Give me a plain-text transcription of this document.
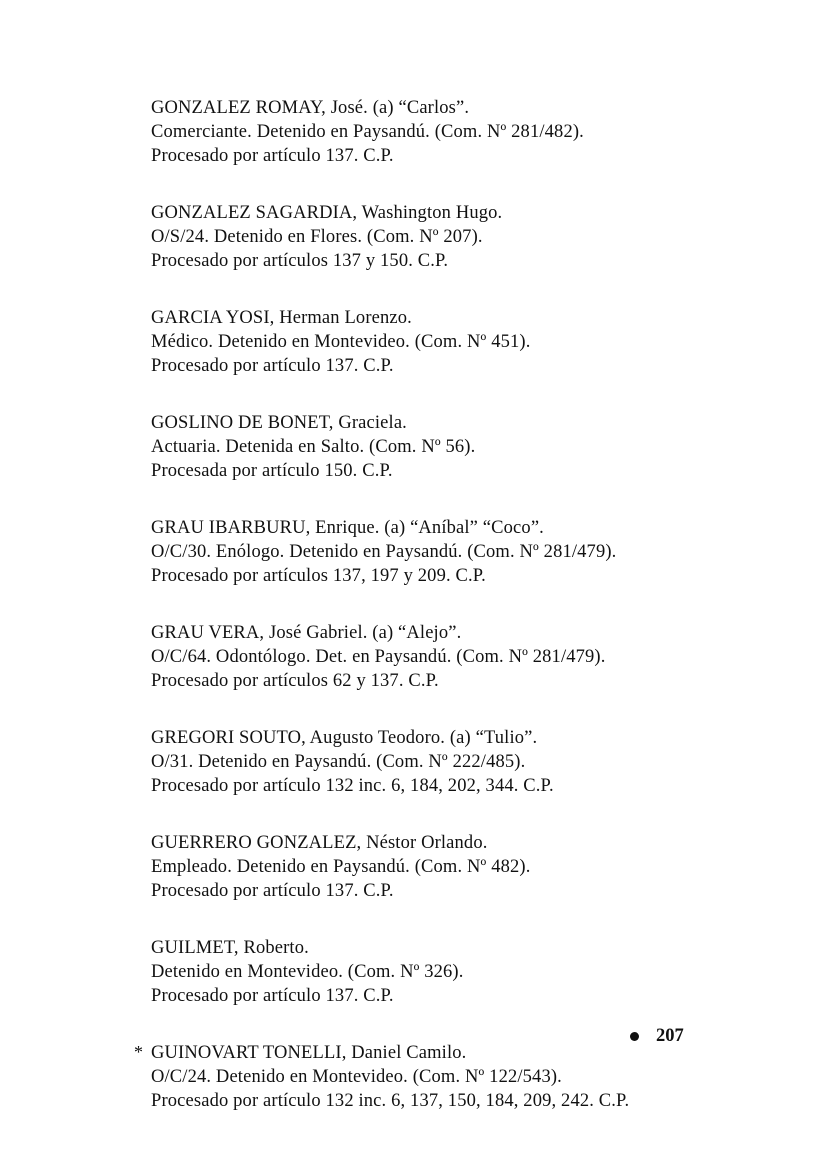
GONZALEZ ROMAY, José. (a) “Carlos”.
Comerciante. Detenido en Paysandú. (Com. Nº 281/482).
Procesado por artículo 137. C.P.
GONZALEZ SAGARDIA, Washington Hugo.
O/S/24. Detenido en Flores. (Com. Nº 207).
Procesado por artículos 137 y 150. C.P.
GARCIA YOSI, Herman Lorenzo.
Médico. Detenido en Montevideo. (Com. Nº 451).
Procesado por artículo 137. C.P.
GOSLINO DE BONET, Graciela.
Actuaria. Detenida en Salto. (Com. Nº 56).
Procesada por artículo 150. C.P.
GRAU IBARBURU, Enrique. (a) “Aníbal” “Coco”.
O/C/30. Enólogo. Detenido en Paysandú. (Com. Nº 281/479).
Procesado por artículos 137, 197 y 209. C.P.
GRAU VERA, José Gabriel. (a) “Alejo”.
O/C/64. Odontólogo. Det. en Paysandú. (Com. Nº 281/479).
Procesado por artículos 62 y 137. C.P.
GREGORI SOUTO, Augusto Teodoro. (a) “Tulio”.
O/31. Detenido en Paysandú. (Com. Nº 222/485).
Procesado por artículo 132 inc. 6, 184, 202, 344. C.P.
GUERRERO GONZALEZ, Néstor Orlando.
Empleado. Detenido en Paysandú. (Com. Nº 482).
Procesado por artículo 137. C.P.
GUILMET, Roberto.
Detenido en Montevideo. (Com. Nº 326).
Procesado por artículo 137. C.P.
* GUINOVART TONELLI, Daniel Camilo.
O/C/24. Detenido en Montevideo. (Com. Nº 122/543).
Procesado por artículo 132 inc. 6, 137, 150, 184, 209, 242. C.P.
207
